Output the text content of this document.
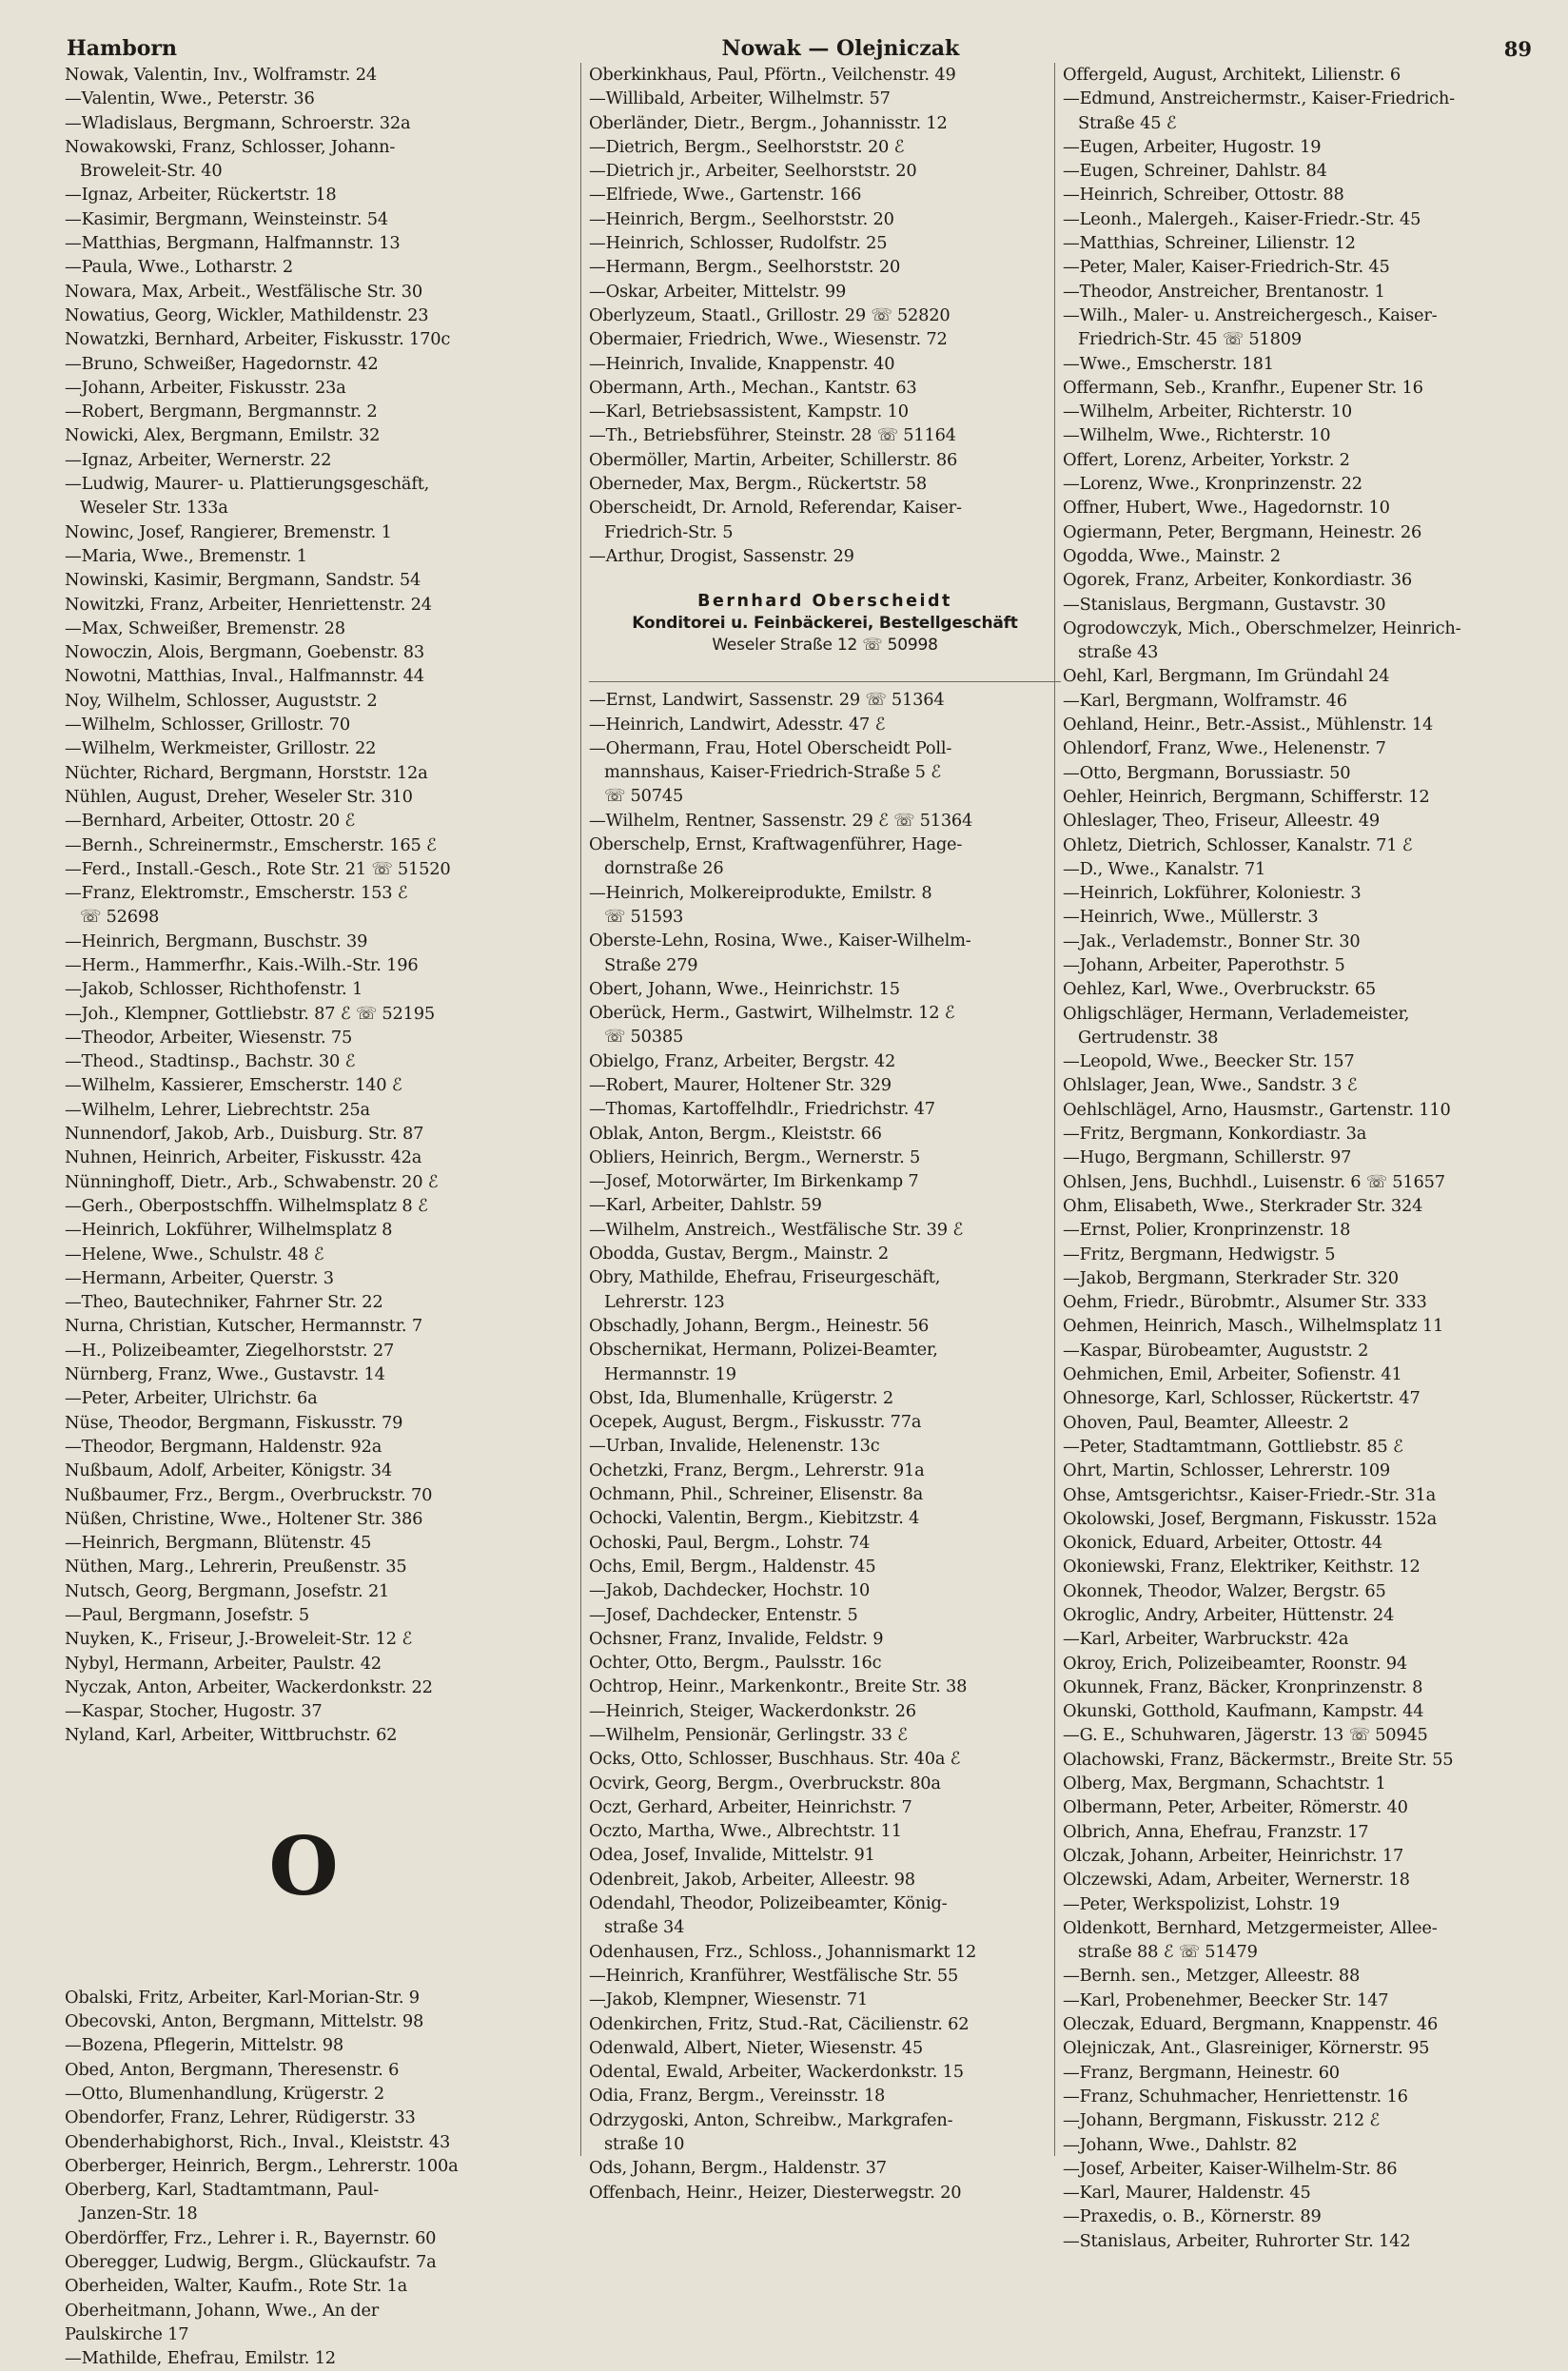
Hamborn	Nowak — Olejniczak	89
Nowak, Valentin, Inv., Wolframstr. 24
—Valentin, Wwe., Peterstr. 36
—Wladislaus, Bergmann, Schroerstr. 32a
Nowakowski, Franz, Schlosser, Johann-
Broweleit-Str. 40
—Ignaz, Arbeiter, Rückertstr. 18
—Kasimir, Bergmann, Weinsteinstr. 54
—Matthias, Bergmann, Halfmannstr. 13
—Paula, Wwe., Lotharstr. 2
Nowara, Max, Arbeit., Westfälische Str. 30
Nowatius, Georg, Wickler, Mathildenstr. 23
Nowatzki, Bernhard, Arbeiter, Fiskusstr. 170c
—Bruno, Schweißer, Hagedornstr. 42
—Johann, Arbeiter, Fiskusstr. 23a
—Robert, Bergmann, Bergmannstr. 2
Nowicki, Alex, Bergmann, Emilstr. 32
—Ignaz, Arbeiter, Wernerstr. 22
—Ludwig, Maurer- u. Plattierungsgeschäft,
Weseler Str. 133a
Nowinc, Josef, Rangierer, Bremenstr. 1
—Maria, Wwe., Bremenstr. 1
Nowinski, Kasimir, Bergmann, Sandstr. 54
Nowitzki, Franz, Arbeiter, Henriettenstr. 24
—Max, Schweißer, Bremenstr. 28
Nowoczin, Alois, Bergmann, Goebenstr. 83
Nowotni, Matthias, Inval., Halfmannstr. 44
Noy, Wilhelm, Schlosser, Auguststr. 2
—Wilhelm, Schlosser, Grillostr. 70
—Wilhelm, Werkmeister, Grillostr. 22
Nüchter, Richard, Bergmann, Horststr. 12a
Nühlen, August, Dreher, Weseler Str. 310
—Bernhard, Arbeiter, Ottostr. 20 ℰ
—Bernh., Schreinermstr., Emscherstr. 165 ℰ
—Ferd., Install.-Gesch., Rote Str. 21 ☏ 51520
—Franz, Elektromstr., Emscherstr. 153 ℰ
☏ 52698
—Heinrich, Bergmann, Buschstr. 39
—Herm., Hammerfhr., Kais.-Wilh.-Str. 196
—Jakob, Schlosser, Richthofenstr. 1
—Joh., Klempner, Gottliebstr. 87 ℰ ☏ 52195
—Theodor, Arbeiter, Wiesenstr. 75
—Theod., Stadtinsp., Bachstr. 30 ℰ
—Wilhelm, Kassierer, Emscherstr. 140 ℰ
—Wilhelm, Lehrer, Liebrechtstr. 25a
Nunnendorf, Jakob, Arb., Duisburg. Str. 87
Nuhnen, Heinrich, Arbeiter, Fiskusstr. 42a
Nünninghoff, Dietr., Arb., Schwabenstr. 20 ℰ
—Gerh., Oberpostschffn. Wilhelmsplatz 8 ℰ
—Heinrich, Lokführer, Wilhelmsplatz 8
—Helene, Wwe., Schulstr. 48 ℰ
—Hermann, Arbeiter, Querstr. 3
—Theo, Bautechniker, Fahrner Str. 22
Nurna, Christian, Kutscher, Hermannstr. 7
—H., Polizeibeamter, Ziegelhorststr. 27
Nürnberg, Franz, Wwe., Gustavstr. 14
—Peter, Arbeiter, Ulrichstr. 6a
Nüse, Theodor, Bergmann, Fiskusstr. 79
—Theodor, Bergmann, Haldenstr. 92a
Nußbaum, Adolf, Arbeiter, Königstr. 34
Nußbaumer, Frz., Bergm., Overbruckstr. 70
Nüßen, Christine, Wwe., Holtener Str. 386
—Heinrich, Bergmann, Blütenstr. 45
Nüthen, Marg., Lehrerin, Preußenstr. 35
Nutsch, Georg, Bergmann, Josefstr. 21
—Paul, Bergmann, Josefstr. 5
Nuyken, K., Friseur, J.-Broweleit-Str. 12 ℰ
Nybyl, Hermann, Arbeiter, Paulstr. 42
Nyczak, Anton, Arbeiter, Wackerdonkstr. 22
—Kaspar, Stocher, Hugostr. 37
Nyland, Karl, Arbeiter, Wittbruchstr. 62
O
Obalski, Fritz, Arbeiter, Karl-Morian-Str. 9
Obecovski, Anton, Bergmann, Mittelstr. 98
—Bozena, Pflegerin, Mittelstr. 98
Obed, Anton, Bergmann, Theresenstr. 6
—Otto, Blumenhandlung, Krügerstr. 2
Obendorfer, Franz, Lehrer, Rüdigerstr. 33
Obenderhabighorst, Rich., Inval., Kleiststr. 43
Oberberger, Heinrich, Bergm., Lehrerstr. 100a
Oberberg, Karl, Stadtamtmann, Paul-
Janzen-Str. 18
Oberdörffer, Frz., Lehrer i. R., Bayernstr. 60
Oberegger, Ludwig, Bergm., Glückaufstr. 7a
Oberheiden, Walter, Kaufm., Rote Str. 1a
Oberheitmann, Johann, Wwe., An der
Paulskirche 17
—Mathilde, Ehefrau, Emilstr. 12
Oberkinkhaus, Paul, Pförtn., Veilchenstr. 49
—Willibald, Arbeiter, Wilhelmstr. 57
Oberländer, Dietr., Bergm., Johannisstr. 12
—Dietrich, Bergm., Seelhorststr. 20 ℰ
—Dietrich jr., Arbeiter, Seelhorststr. 20
—Elfriede, Wwe., Gartenstr. 166
—Heinrich, Bergm., Seelhorststr. 20
—Heinrich, Schlosser, Rudolfstr. 25
—Hermann, Bergm., Seelhorststr. 20
—Oskar, Arbeiter, Mittelstr. 99
Oberlyzeum, Staatl., Grillostr. 29 ☏ 52820
Obermaier, Friedrich, Wwe., Wiesenstr. 72
—Heinrich, Invalide, Knappenstr. 40
Obermann, Arth., Mechan., Kantstr. 63
—Karl, Betriebsassistent, Kampstr. 10
—Th., Betriebsführer, Steinstr. 28 ☏ 51164
Obermöller, Martin, Arbeiter, Schillerstr. 86
Oberneder, Max, Bergm., Rückertstr. 58
Oberscheidt, Dr. Arnold, Referendar, Kaiser-
Friedrich-Str. 5
—Arthur, Drogist, Sassenstr. 29
Bernhard Oberscheidt
Konditorei u. Feinbäckerei, Bestellgeschäft
Weseler Straße 12 ☏ 50998
—Ernst, Landwirt, Sassenstr. 29 ☏ 51364
—Heinrich, Landwirt, Adesstr. 47 ℰ
—Ohermann, Frau, Hotel Oberscheidt Poll-
mannshaus, Kaiser-Friedrich-Straße 5 ℰ
☏ 50745
—Wilhelm, Rentner, Sassenstr. 29 ℰ ☏ 51364
Oberschelp, Ernst, Kraftwagenführer, Hage-
dornstraße 26
—Heinrich, Molkereiprodukte, Emilstr. 8
☏ 51593
Oberste-Lehn, Rosina, Wwe., Kaiser-Wilhelm-
Straße 279
Obert, Johann, Wwe., Heinrichstr. 15
Oberück, Herm., Gastwirt, Wilhelmstr. 12 ℰ
☏ 50385
Obielgo, Franz, Arbeiter, Bergstr. 42
—Robert, Maurer, Holtener Str. 329
—Thomas, Kartoffelhdlr., Friedrichstr. 47
Oblak, Anton, Bergm., Kleiststr. 66
Obliers, Heinrich, Bergm., Wernerstr. 5
—Josef, Motorwärter, Im Birkenkamp 7
—Karl, Arbeiter, Dahlstr. 59
—Wilhelm, Anstreich., Westfälische Str. 39 ℰ
Obodda, Gustav, Bergm., Mainstr. 2
Obry, Mathilde, Ehefrau, Friseurgeschäft,
Lehrerstr. 123
Obschadly, Johann, Bergm., Heinestr. 56
Obschernikat, Hermann, Polizei-Beamter,
Hermannstr. 19
Obst, Ida, Blumenhalle, Krügerstr. 2
Ocepek, August, Bergm., Fiskusstr. 77a
—Urban, Invalide, Helenenstr. 13c
Ochetzki, Franz, Bergm., Lehrerstr. 91a
Ochmann, Phil., Schreiner, Elisenstr. 8a
Ochocki, Valentin, Bergm., Kiebitzstr. 4
Ochoski, Paul, Bergm., Lohstr. 74
Ochs, Emil, Bergm., Haldenstr. 45
—Jakob, Dachdecker, Hochstr. 10
—Josef, Dachdecker, Entenstr. 5
Ochsner, Franz, Invalide, Feldstr. 9
Ochter, Otto, Bergm., Paulsstr. 16c
Ochtrop, Heinr., Markenkontr., Breite Str. 38
—Heinrich, Steiger, Wackerdonkstr. 26
—Wilhelm, Pensionär, Gerlingstr. 33 ℰ
Ocks, Otto, Schlosser, Buschhaus. Str. 40a ℰ
Ocvirk, Georg, Bergm., Overbruckstr. 80a
Oczt, Gerhard, Arbeiter, Heinrichstr. 7
Oczto, Martha, Wwe., Albrechtstr. 11
Odea, Josef, Invalide, Mittelstr. 91
Odenbreit, Jakob, Arbeiter, Alleestr. 98
Odendahl, Theodor, Polizeibeamter, König-
straße 34
Odenhausen, Frz., Schloss., Johannismarkt 12
—Heinrich, Kranführer, Westfälische Str. 55
—Jakob, Klempner, Wiesenstr. 71
Odenkirchen, Fritz, Stud.-Rat, Cäcilienstr. 62
Odenwald, Albert, Nieter, Wiesenstr. 45
Odental, Ewald, Arbeiter, Wackerdonkstr. 15
Odia, Franz, Bergm., Vereinsstr. 18
Odrzygoski, Anton, Schreibw., Markgrafen-
straße 10
Ods, Johann, Bergm., Haldenstr. 37
Offenbach, Heinr., Heizer, Diesterwegstr. 20
Offergeld, August, Architekt, Lilienstr. 6
—Edmund, Anstreichermstr., Kaiser-Friedrich-
Straße 45 ℰ
—Eugen, Arbeiter, Hugostr. 19
—Eugen, Schreiner, Dahlstr. 84
—Heinrich, Schreiber, Ottostr. 88
—Leonh., Malergeh., Kaiser-Friedr.-Str. 45
—Matthias, Schreiner, Lilienstr. 12
—Peter, Maler, Kaiser-Friedrich-Str. 45
—Theodor, Anstreicher, Brentanostr. 1
—Wilh., Maler- u. Anstreichergesch., Kaiser-
Friedrich-Str. 45 ☏ 51809
—Wwe., Emscherstr. 181
Offermann, Seb., Kranfhr., Eupener Str. 16
—Wilhelm, Arbeiter, Richterstr. 10
—Wilhelm, Wwe., Richterstr. 10
Offert, Lorenz, Arbeiter, Yorkstr. 2
—Lorenz, Wwe., Kronprinzenstr. 22
Offner, Hubert, Wwe., Hagedornstr. 10
Ogiermann, Peter, Bergmann, Heinestr. 26
Ogodda, Wwe., Mainstr. 2
Ogorek, Franz, Arbeiter, Konkordiastr. 36
—Stanislaus, Bergmann, Gustavstr. 30
Ogrodowczyk, Mich., Oberschmelzer, Heinrich-
straße 43
Oehl, Karl, Bergmann, Im Gründahl 24
—Karl, Bergmann, Wolframstr. 46
Oehland, Heinr., Betr.-Assist., Mühlenstr. 14
Ohlendorf, Franz, Wwe., Helenenstr. 7
—Otto, Bergmann, Borussiastr. 50
Oehler, Heinrich, Bergmann, Schifferstr. 12
Ohleslager, Theo, Friseur, Alleestr. 49
Ohletz, Dietrich, Schlosser, Kanalstr. 71 ℰ
—D., Wwe., Kanalstr. 71
—Heinrich, Lokführer, Koloniestr. 3
—Heinrich, Wwe., Müllerstr. 3
—Jak., Verlademstr., Bonner Str. 30
—Johann, Arbeiter, Paperothstr. 5
Oehlez, Karl, Wwe., Overbruckstr. 65
Ohligschläger, Hermann, Verlademeister,
Gertrudenstr. 38
—Leopold, Wwe., Beecker Str. 157
Ohlslager, Jean, Wwe., Sandstr. 3 ℰ
Oehlschlägel, Arno, Hausmstr., Gartenstr. 110
—Fritz, Bergmann, Konkordiastr. 3a
—Hugo, Bergmann, Schillerstr. 97
Ohlsen, Jens, Buchhdl., Luisenstr. 6 ☏ 51657
Ohm, Elisabeth, Wwe., Sterkrader Str. 324
—Ernst, Polier, Kronprinzenstr. 18
—Fritz, Bergmann, Hedwigstr. 5
—Jakob, Bergmann, Sterkrader Str. 320
Oehm, Friedr., Bürobmtr., Alsumer Str. 333
Oehmen, Heinrich, Masch., Wilhelmsplatz 11
—Kaspar, Bürobeamter, Auguststr. 2
Oehmichen, Emil, Arbeiter, Sofienstr. 41
Ohnesorge, Karl, Schlosser, Rückertstr. 47
Ohoven, Paul, Beamter, Alleestr. 2
—Peter, Stadtamtmann, Gottliebstr. 85 ℰ
Ohrt, Martin, Schlosser, Lehrerstr. 109
Ohse, Amtsgerichtsr., Kaiser-Friedr.-Str. 31a
Okolowski, Josef, Bergmann, Fiskusstr. 152a
Okonick, Eduard, Arbeiter, Ottostr. 44
Okoniewski, Franz, Elektriker, Keithstr. 12
Okonnek, Theodor, Walzer, Bergstr. 65
Okroglic, Andry, Arbeiter, Hüttenstr. 24
—Karl, Arbeiter, Warbruckstr. 42a
Okroy, Erich, Polizeibeamter, Roonstr. 94
Okunnek, Franz, Bäcker, Kronprinzenstr. 8
Okunski, Gotthold, Kaufmann, Kampstr. 44
—G. E., Schuhwaren, Jägerstr. 13 ☏ 50945
Olachowski, Franz, Bäckermstr., Breite Str. 55
Olberg, Max, Bergmann, Schachtstr. 1
Olbermann, Peter, Arbeiter, Römerstr. 40
Olbrich, Anna, Ehefrau, Franzstr. 17
Olczak, Johann, Arbeiter, Heinrichstr. 17
Olczewski, Adam, Arbeiter, Wernerstr. 18
—Peter, Werkspolizist, Lohstr. 19
Oldenkott, Bernhard, Metzgermeister, Allee-
straße 88 ℰ ☏ 51479
—Bernh. sen., Metzger, Alleestr. 88
—Karl, Probenehmer, Beecker Str. 147
Oleczak, Eduard, Bergmann, Knappenstr. 46
Olejniczak, Ant., Glasreiniger, Körnerstr. 95
—Franz, Bergmann, Heinestr. 60
—Franz, Schuhmacher, Henriettenstr. 16
—Johann, Bergmann, Fiskusstr. 212 ℰ
—Johann, Wwe., Dahlstr. 82
—Josef, Arbeiter, Kaiser-Wilhelm-Str. 86
—Karl, Maurer, Haldenstr. 45
—Praxedis, o. B., Körnerstr. 89
—Stanislaus, Arbeiter, Ruhrorter Str. 142
